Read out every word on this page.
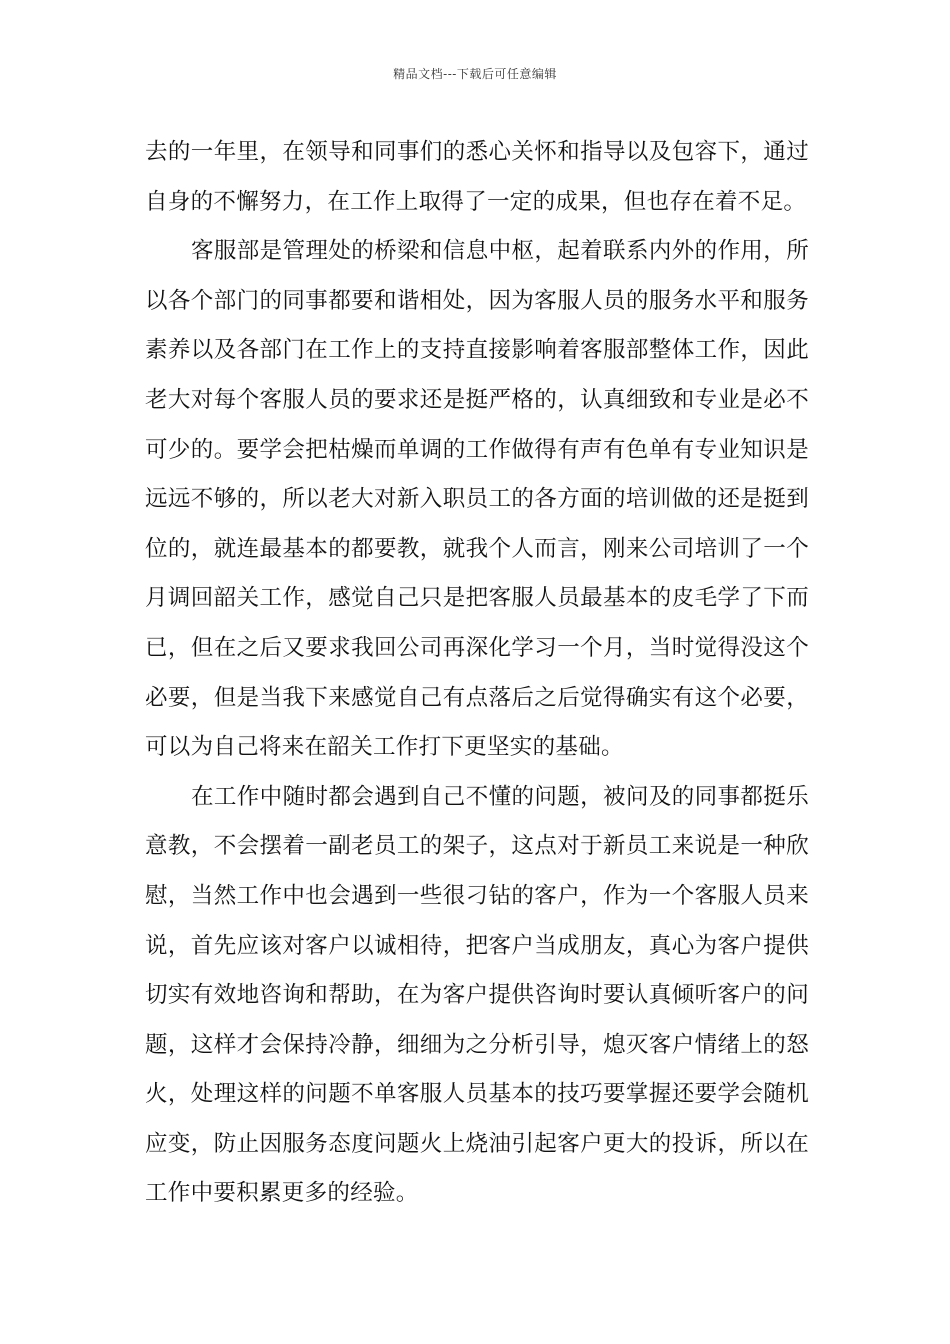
精品文档---下载后可任意编辑
去的一年里，在领导和同事们的悉心关怀和指导以及包容下，通过
自身的不懈努力，在工作上取得了一定的成果，但也存在着不足。
客服部是管理处的桥梁和信息中枢，起着联系内外的作用，所
以各个部门的同事都要和谐相处，因为客服人员的服务水平和服务
素养以及各部门在工作上的支持直接影响着客服部整体工作，因此
老大对每个客服人员的要求还是挺严格的，认真细致和专业是必不
可少的。要学会把枯燥而单调的工作做得有声有色单有专业知识是
远远不够的，所以老大对新入职员工的各方面的培训做的还是挺到
位的，就连最基本的都要教，就我个人而言，刚来公司培训了一个
月调回韶关工作，感觉自己只是把客服人员最基本的皮毛学了下而
已，但在之后又要求我回公司再深化学习一个月，当时觉得没这个
必要，但是当我下来感觉自己有点落后之后觉得确实有这个必要，
可以为自己将来在韶关工作打下更坚实的基础。
在工作中随时都会遇到自己不懂的问题，被问及的同事都挺乐
意教，不会摆着一副老员工的架子，这点对于新员工来说是一种欣
慰，当然工作中也会遇到一些很刁钻的客户，作为一个客服人员来
说，首先应该对客户以诚相待，把客户当成朋友，真心为客户提供
切实有效地咨询和帮助，在为客户提供咨询时要认真倾听客户的问
题，这样才会保持冷静，细细为之分析引导，熄灭客户情绪上的怒
火，处理这样的问题不单客服人员基本的技巧要掌握还要学会随机
应变，防止因服务态度问题火上烧油引起客户更大的投诉，所以在
工作中要积累更多的经验。
